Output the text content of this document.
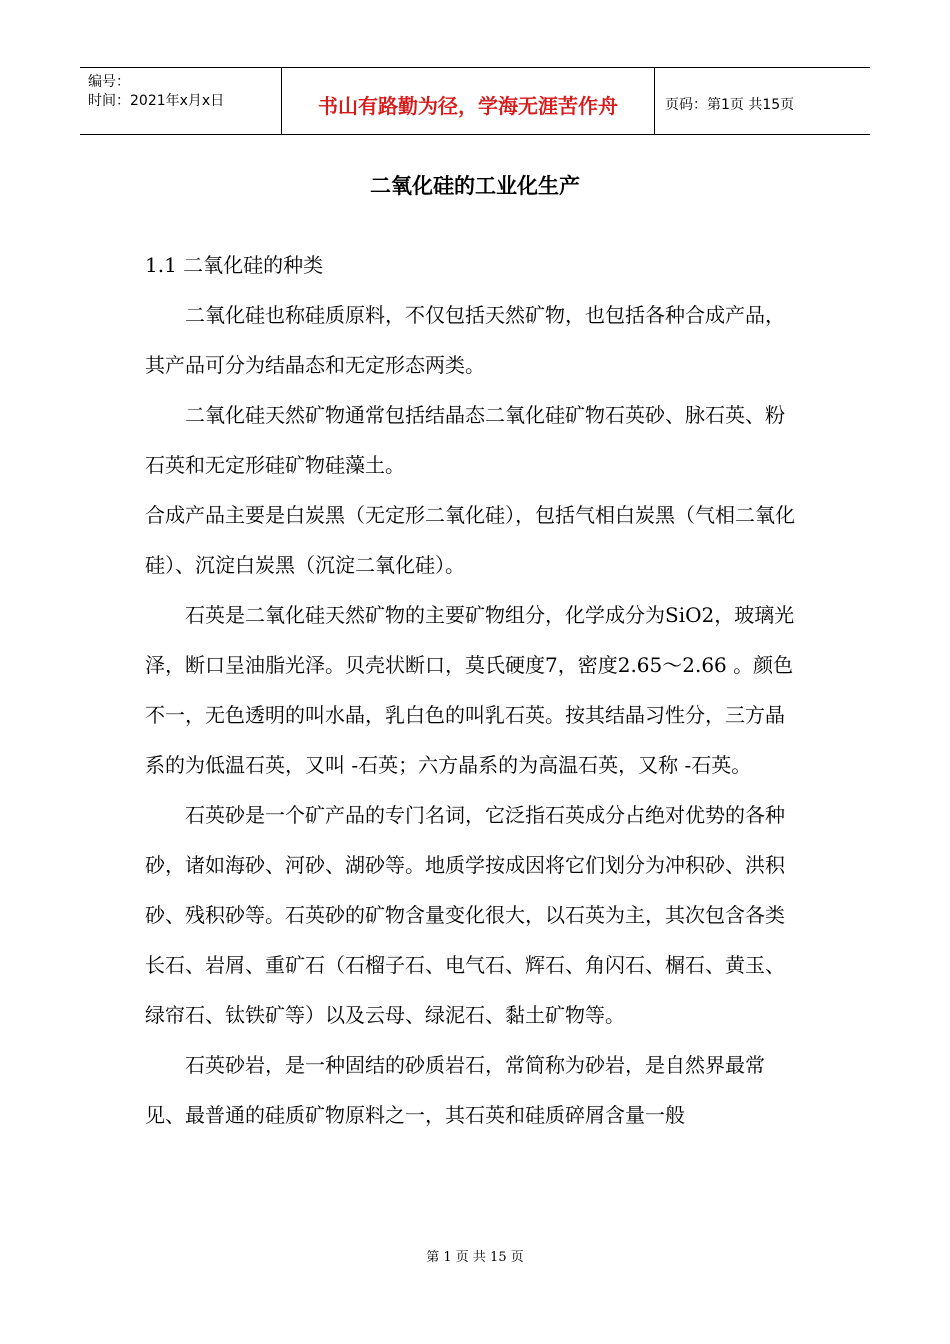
编号：
时间：2021年x月x日	书山有路勤为径，学海无涯苦作舟	页码：第1页 共15页
二氧化硅的工业化生产

1.1 二氧化硅的种类

二氧化硅也称硅质原料，不仅包括天然矿物，也包括各种合成产品，其产品可分为结晶态和无定形态两类。

二氧化硅天然矿物通常包括结晶态二氧化硅矿物石英砂、脉石英、粉石英和无定形硅矿物硅藻土。

合成产品主要是白炭黑（无定形二氧化硅），包括气相白炭黑（气相二氧化硅）、沉淀白炭黑（沉淀二氧化硅）。

石英是二氧化硅天然矿物的主要矿物组分，化学成分为SiO2，玻璃光泽，断口呈油脂光泽。贝壳状断口，莫氏硬度7，密度2.65～2.66 。颜色不一，无色透明的叫水晶，乳白色的叫乳石英。按其结晶习性分，三方晶系的为低温石英，又叫 -石英；六方晶系的为高温石英，又称 -石英。

石英砂是一个矿产品的专门名词，它泛指石英成分占绝对优势的各种砂，诸如海砂、河砂、湖砂等。地质学按成因将它们划分为冲积砂、洪积砂、残积砂等。石英砂的矿物含量变化很大，以石英为主，其次包含各类长石、岩屑、重矿石（石榴子石、电气石、辉石、角闪石、榍石、黄玉、绿帘石、钛铁矿等）以及云母、绿泥石、黏土矿物等。

石英砂岩，是一种固结的砂质岩石，常简称为砂岩，是自然界最常见、最普通的硅质矿物原料之一，其石英和硅质碎屑含量一般

第 1 页 共 15 页
